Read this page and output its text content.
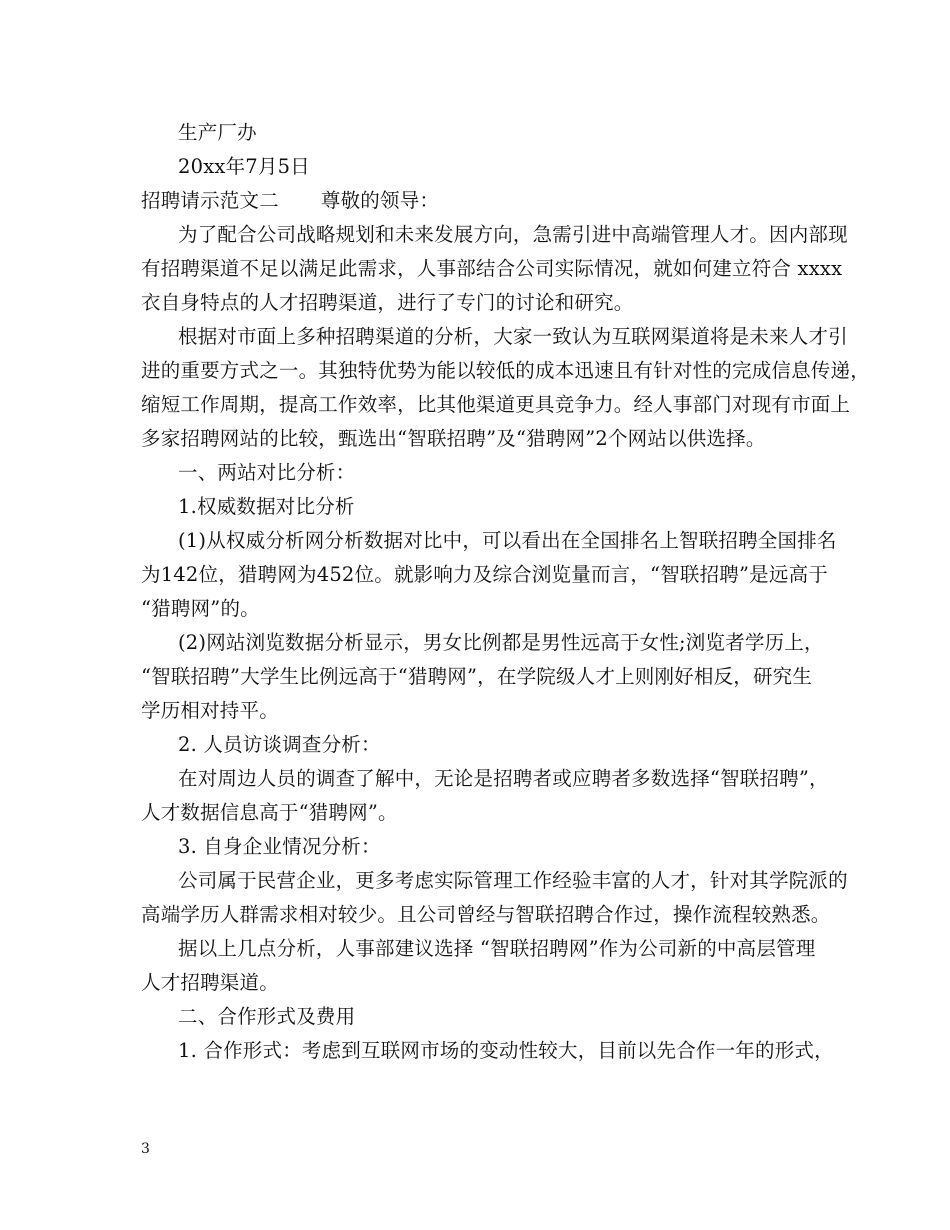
生产厂办
20xx年7月5日
招聘请示范文二 尊敬的领导：
为了配合公司战略规划和未来发展方向，急需引进中高端管理人才。因内部现
有招聘渠道不足以满足此需求，人事部结合公司实际情况，就如何建立符合 xxxx
衣自身特点的人才招聘渠道，进行了专门的讨论和研究。
根据对市面上多种招聘渠道的分析，大家一致认为互联网渠道将是未来人才引
进的重要方式之一。其独特优势为能以较低的成本迅速且有针对性的完成信息传递，
缩短工作周期，提高工作效率，比其他渠道更具竞争力。经人事部门对现有市面上
多家招聘网站的比较，甄选出“智联招聘”及“猎聘网”2个网站以供选择。
一、两站对比分析：
1.权威数据对比分析
(1)从权威分析网分析数据对比中，可以看出在全国排名上智联招聘全国排名
为142位，猎聘网为452位。就影响力及综合浏览量而言，“智联招聘”是远高于
“猎聘网”的。
(2)网站浏览数据分析显示，男女比例都是男性远高于女性;浏览者学历上，
“智联招聘”大学生比例远高于“猎聘网”，在学院级人才上则刚好相反，研究生
学历相对持平。
2. 人员访谈调查分析：
在对周边人员的调查了解中，无论是招聘者或应聘者多数选择“智联招聘”，
人才数据信息高于“猎聘网”。
3. 自身企业情况分析：
公司属于民营企业，更多考虑实际管理工作经验丰富的人才，针对其学院派的
高端学历人群需求相对较少。且公司曾经与智联招聘合作过，操作流程较熟悉。
据以上几点分析，人事部建议选择 “智联招聘网”作为公司新的中高层管理
人才招聘渠道。
二、合作形式及费用
1. 合作形式：考虑到互联网市场的变动性较大，目前以先合作一年的形式，
3
